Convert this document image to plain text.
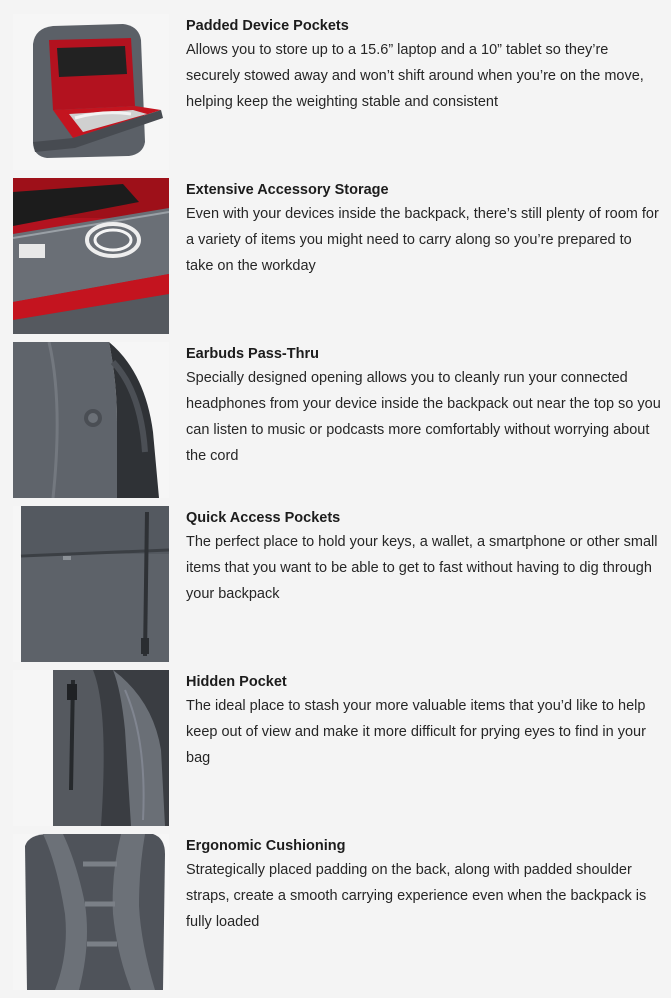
Padded Device Pockets

Allows you to store up to a 15.6” laptop and a 10” tablet so they’re securely stowed away and won’t shift around when you’re on the move, helping keep the weighting stable and consistent

Extensive Accessory Storage

Even with your devices inside the backpack, there’s still plenty of room for a variety of items you might need to carry along so you’re prepared to take on the workday

Earbuds Pass-Thru

Specially designed opening allows you to cleanly run your connected headphones from your device inside the backpack out near the top so you can listen to music or podcasts more comfortably without worrying about the cord

Quick Access Pockets

The perfect place to hold your keys, a wallet, a smartphone or other small items that you want to be able to get to fast without having to dig through your backpack

Hidden Pocket

The ideal place to stash your more valuable items that you’d like to help keep out of view and make it more difficult for prying eyes to find in your bag

Ergonomic Cushioning

Strategically placed padding on the back, along with padded shoulder straps, create a smooth carrying experience even when the backpack is fully loaded
